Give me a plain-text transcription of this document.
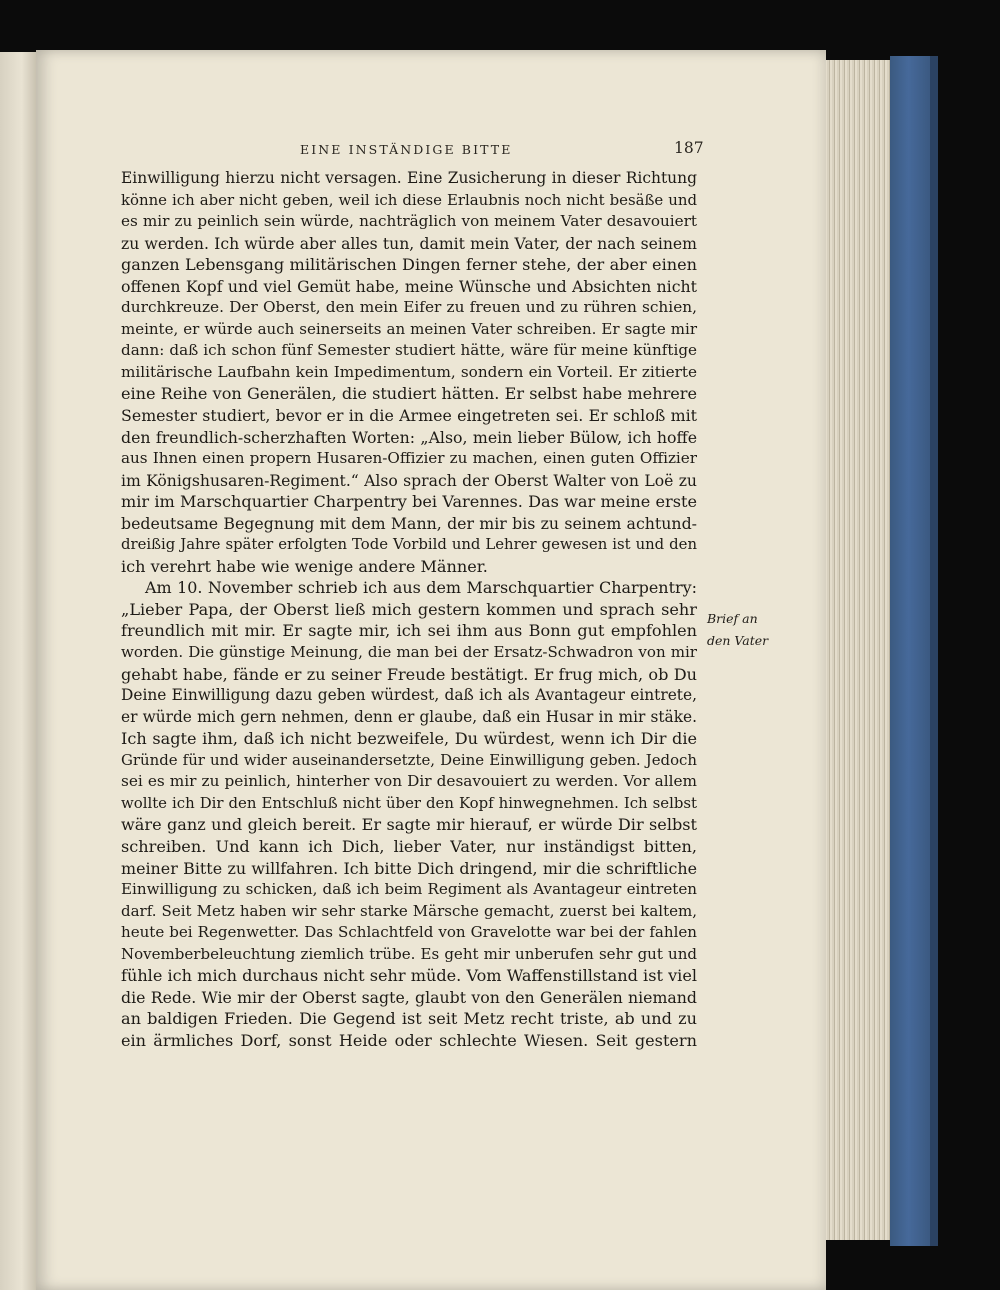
EINE INSTÄNDIGE BITTE	187
Einwilligung hierzu nicht versagen. Eine Zusicherung in dieser Richtung
könne ich aber nicht geben, weil ich diese Erlaubnis noch nicht besäße und
es mir zu peinlich sein würde, nachträglich von meinem Vater desavouiert
zu werden. Ich würde aber alles tun, damit mein Vater, der nach seinem
ganzen Lebensgang militärischen Dingen ferner stehe, der aber einen
offenen Kopf und viel Gemüt habe, meine Wünsche und Absichten nicht
durchkreuze. Der Oberst, den mein Eifer zu freuen und zu rühren schien,
meinte, er würde auch seinerseits an meinen Vater schreiben. Er sagte mir
dann: daß ich schon fünf Semester studiert hätte, wäre für meine künftige
militärische Laufbahn kein Impedimentum, sondern ein Vorteil. Er zitierte
eine Reihe von Generälen, die studiert hätten. Er selbst habe mehrere
Semester studiert, bevor er in die Armee eingetreten sei. Er schloß mit
den freundlich-scherzhaften Worten: „Also, mein lieber Bülow, ich hoffe
aus Ihnen einen propern Husaren-Offizier zu machen, einen guten Offizier
im Königshusaren-Regiment.“ Also sprach der Oberst Walter von Loë zu
mir im Marschquartier Charpentry bei Varennes. Das war meine erste
bedeutsame Begegnung mit dem Mann, der mir bis zu seinem achtund-
dreißig Jahre später erfolgten Tode Vorbild und Lehrer gewesen ist und den
ich verehrt habe wie wenige andere Männer.
Am 10. November schrieb ich aus dem Marschquartier Charpentry:
„Lieber Papa, der Oberst ließ mich gestern kommen und sprach sehr
freundlich mit mir. Er sagte mir, ich sei ihm aus Bonn gut empfohlen
worden. Die günstige Meinung, die man bei der Ersatz-Schwadron von mir
gehabt habe, fände er zu seiner Freude bestätigt. Er frug mich, ob Du
Deine Einwilligung dazu geben würdest, daß ich als Avantageur eintrete,
er würde mich gern nehmen, denn er glaube, daß ein Husar in mir stäke.
Ich sagte ihm, daß ich nicht bezweifele, Du würdest, wenn ich Dir die
Gründe für und wider auseinandersetzte, Deine Einwilligung geben. Jedoch
sei es mir zu peinlich, hinterher von Dir desavouiert zu werden. Vor allem
wollte ich Dir den Entschluß nicht über den Kopf hinwegnehmen. Ich selbst
wäre ganz und gleich bereit. Er sagte mir hierauf, er würde Dir selbst
schreiben. Und kann ich Dich, lieber Vater, nur inständigst bitten,
meiner Bitte zu willfahren. Ich bitte Dich dringend, mir die schriftliche
Einwilligung zu schicken, daß ich beim Regiment als Avantageur eintreten
darf. Seit Metz haben wir sehr starke Märsche gemacht, zuerst bei kaltem,
heute bei Regenwetter. Das Schlachtfeld von Gravelotte war bei der fahlen
Novemberbeleuchtung ziemlich trübe. Es geht mir unberufen sehr gut und
fühle ich mich durchaus nicht sehr müde. Vom Waffenstillstand ist viel
die Rede. Wie mir der Oberst sagte, glaubt von den Generälen niemand
an baldigen Frieden. Die Gegend ist seit Metz recht triste, ab und zu
ein ärmliches Dorf, sonst Heide oder schlechte Wiesen. Seit gestern
Brief an
den Vater
